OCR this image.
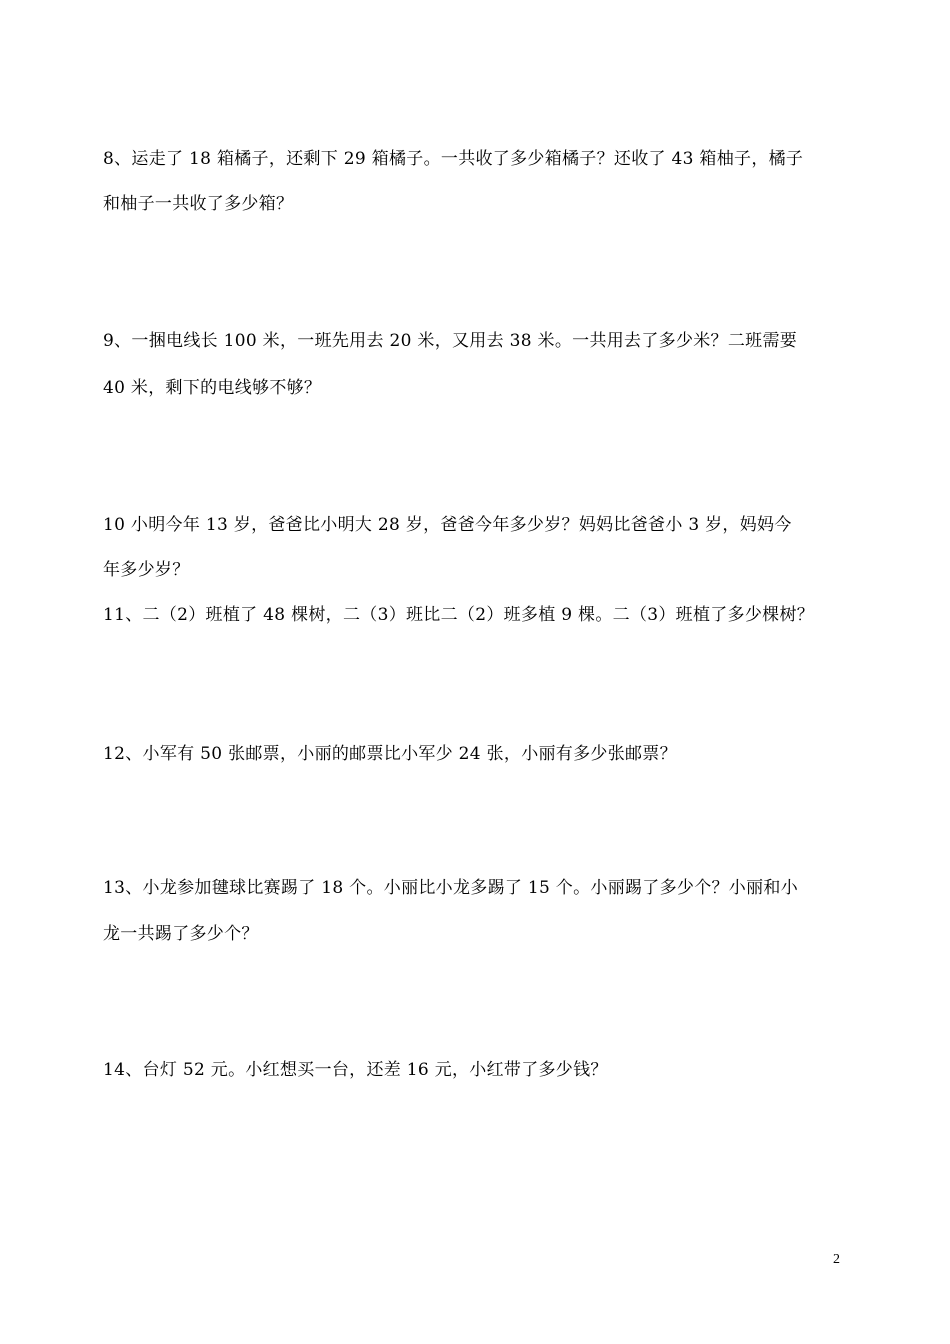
8、运走了 18 箱橘子，还剩下 29 箱橘子。一共收了多少箱橘子？还收了 43 箱柚子，橘子

和柚子一共收了多少箱？

9、一捆电线长 100 米，一班先用去 20 米，又用去 38 米。一共用去了多少米？二班需要

40 米，剩下的电线够不够？

10 小明今年 13 岁，爸爸比小明大 28 岁，爸爸今年多少岁？妈妈比爸爸小 3 岁，妈妈今

年多少岁？

11、二（2）班植了 48 棵树，二（3）班比二（2）班多植 9 棵。二（3）班植了多少棵树？

12、小军有 50 张邮票，小丽的邮票比小军少 24 张，小丽有多少张邮票？

13、小龙参加毽球比赛踢了 18 个。小丽比小龙多踢了 15 个。小丽踢了多少个？小丽和小

龙一共踢了多少个？

14、台灯 52 元。小红想买一台，还差 16 元，小红带了多少钱？

2
